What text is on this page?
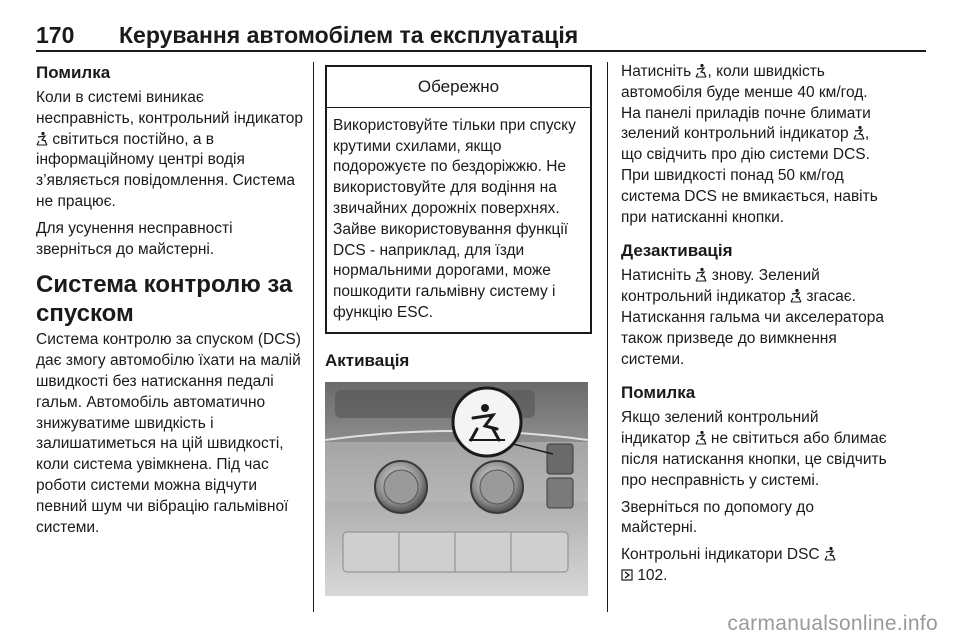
170 Керування автомобілем та експлуатація
Помилка

Коли в системі виникає несправність, контрольний індикатор  світиться постійно, а в інформаційному центрі водія з’являється повідомлення. Система не працює.

Для усунення несправності зверніться до майстерні.

Система контролю за спуском

Система контролю за спуском (DCS) дає змогу автомобілю їхати на малій швидкості без натискання педалі гальм. Автомобіль автоматично знижуватиме швидкість і залишатиметься на цій швидкості, коли система увімкнена. Під час роботи системи можна відчути певний шум чи вібрацію гальмівної системи.

Обережно
Використовуйте тільки при спуску крутими схилами, якщо подорожуєте по бездоріжжю. Не використовуйте для водіння на звичайних дорожніх поверхнях. Зайве використовування функції DCS - наприклад, для їзди нормальними дорогами, може пошкодити гальмівну систему і функцію ESC.
Активація

Натисніть , коли швидкість автомобіля буде менше 40 км/год. На панелі приладів почне блимати зелений контрольний індикатор , що свідчить про дію системи DCS. При швидкості понад 50 км/год система DCS не вмикається, навіть при натисканні кнопки.

Дезактивація

Натисніть знову. Зелений контрольний індикатор згасає. Натискання гальма чи акселератора також призведе до вимкнення системи.

Помилка

Якщо зелений контрольний індикатор не світиться або блимає після натискання кнопки, це свідчить про несправність у системі.

Зверніться по допомогу до майстерні.

Контрольні індикатори DSC
102.

carmanualsonline.info
